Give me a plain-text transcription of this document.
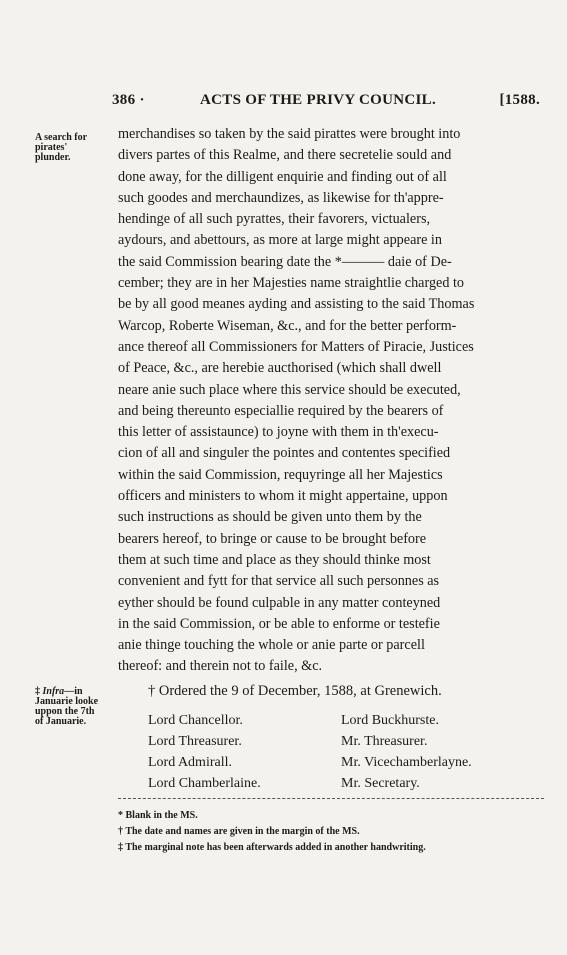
386 ·	ACTS OF THE PRIVY COUNCIL.	[1588.
A search for
pirates'
plunder.
merchandises so taken by the said pirattes were brought into
divers partes of this Realme, and there secretelie sould and
done away, for the dilligent enquirie and finding out of all
such goodes and merchaundizes, as likewise for th'appre-
hendinge of all such pyrattes, their favorers, victualers,
aydours, and abettours, as more at large might appeare in
the said Commission bearing date the *——— daie of De-
cember; they are in her Majesties name straightlie charged to
be by all good meanes ayding and assisting to the said Thomas
Warcop, Roberte Wiseman, &c., and for the better perform-
ance thereof all Commissioners for Matters of Piracie, Justices
of Peace, &c., are herebie aucthorised (which shall dwell
neare anie such place where this service should be executed,
and being thereunto especiallie required by the bearers of
this letter of assistaunce) to joyne with them in th'execu-
cion of all and singuler the pointes and contentes specified
within the said Commission, requyringe all her Majestics
officers and ministers to whom it might appertaine, uppon
such instructions as should be given unto them by the
bearers hereof, to bringe or cause to be brought before
them at such time and place as they should thinke most
convenient and fytt for that service all such personnes as
eyther should be found culpable in any matter conteyned
in the said Commission, or be able to enforme or testefie
anie thinge touching the whole or anie parte or parcell
thereof: and therein not to faile, &c.
‡ Infra—in
Januarie looke
uppon the 7th
of Januarie.
† Ordered the 9 of December, 1588, at Grenewich.
Lord Chancellor.
Lord Threasurer.
Lord Admirall.
Lord Chamberlaine.
Lord Buckhurste.
Mr. Threasurer.
Mr. Vicechamberlayne.
Mr. Secretary.
* Blank in the MS.
† The date and names are given in the margin of the MS.
‡ The marginal note has been afterwards added in another handwriting.
